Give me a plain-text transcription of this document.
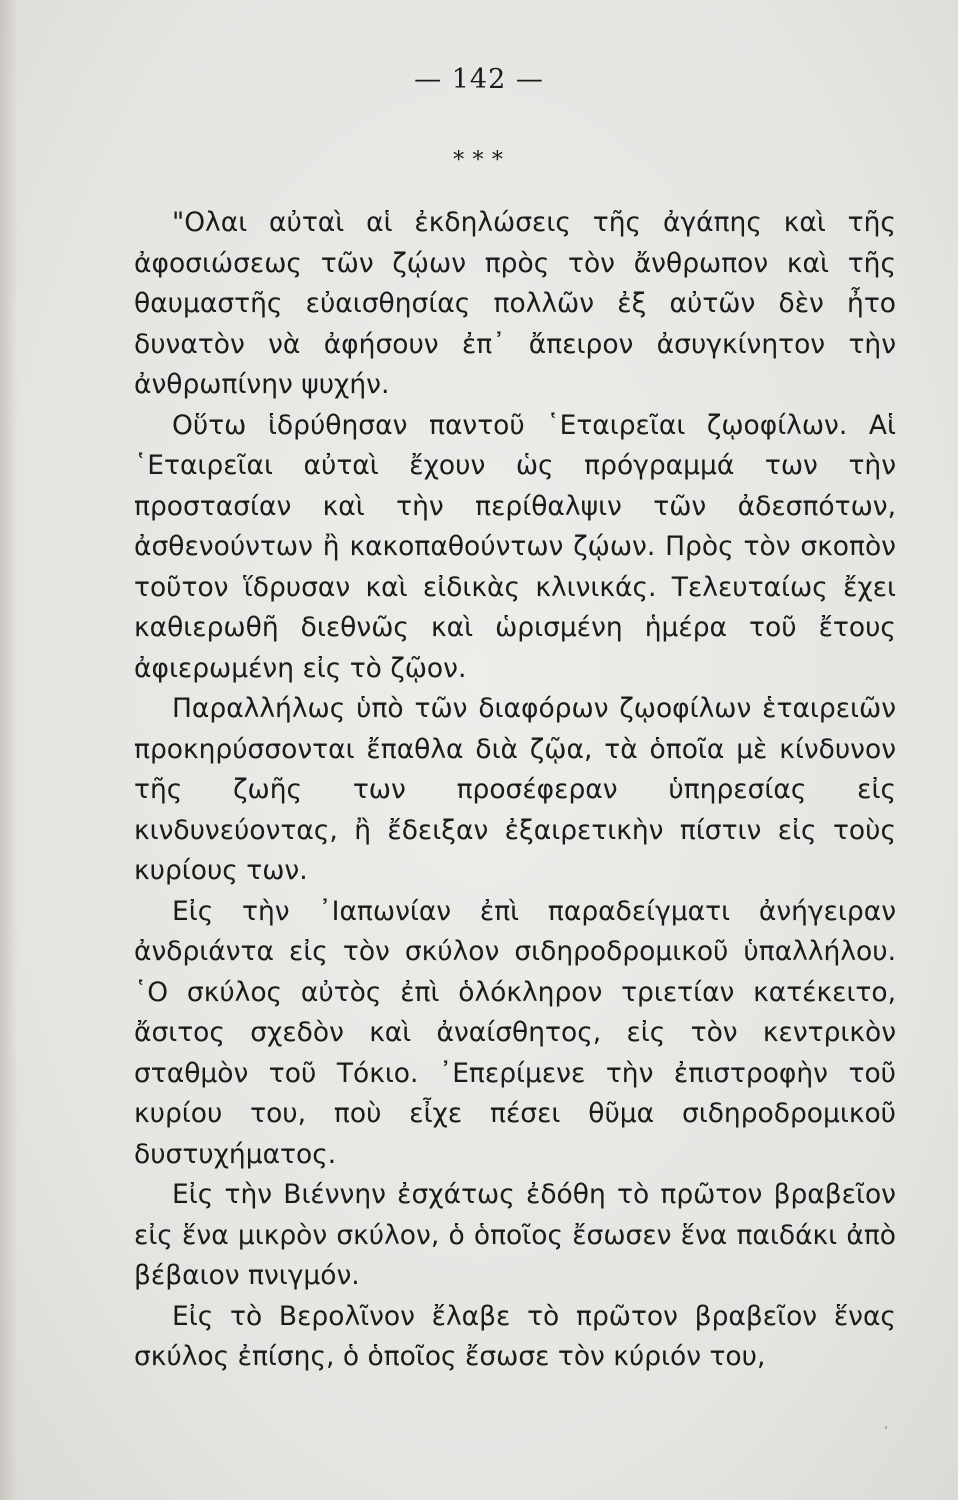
— 142 —
* * *

"Ολαι αὐταὶ αἱ ἐκδηλώσεις τῆς ἀγάπης καὶ τῆς ἀφοσιώσεως τῶν ζῴων πρὸς τὸν ἄνθρωπον καὶ τῆς θαυμαστῆς εὐαισθησίας πολλῶν ἐξ αὐτῶν δὲν ἦτο δυνατὸν νὰ ἀφήσουν ἐπ᾽ ἄπειρον ἀσυγκίνητον τὴν ἀνθρωπίνην ψυχήν.

Οὕτω ἱδρύθησαν παντοῦ ῾Εταιρεῖαι ζῳοφίλων. Αἱ ῾Εταιρεῖαι αὐταὶ ἔχουν ὡς πρόγραμμά των τὴν προστασίαν καὶ τὴν περίθαλψιν τῶν ἀδεσπότων, ἀσθενούντων ἢ κακοπαθούντων ζῴων. Πρὸς τὸν σκοπὸν τοῦτον ἵδρυσαν καὶ εἰδικὰς κλινικάς. Τελευταίως ἔχει καθιερωθῆ διεθνῶς καὶ ὡρισμένη ἡμέρα τοῦ ἔτους ἀφιερωμένη εἰς τὸ ζῷον.

Παραλλήλως ὑπὸ τῶν διαφόρων ζῳοφίλων ἑταιρειῶν προκηρύσσονται ἔπαθλα διὰ ζῷα, τὰ ὁποῖα μὲ κίνδυνον τῆς ζωῆς των προσέφεραν ὑπηρεσίας εἰς κινδυνεύοντας, ἢ ἔδειξαν ἐξαιρετικὴν πίστιν εἰς τοὺς κυρίους των.

Εἰς τὴν ᾽Ιαπωνίαν ἐπὶ παραδείγματι ἀνήγειραν ἀνδριάντα εἰς τὸν σκύλον σιδηροδρομικοῦ ὑπαλλήλου. ῾Ο σκύλος αὐτὸς ἐπὶ ὁλόκληρον τριετίαν κατέκειτο, ἄσιτος σχεδὸν καὶ ἀναίσθητος, εἰς τὸν κεντρικὸν σταθμὸν τοῦ Τόκιο. ᾽Επερίμενε τὴν ἐπιστροφὴν τοῦ κυρίου του, ποὺ εἶχε πέσει θῦμα σιδηροδρομικοῦ δυστυχήματος.

Εἰς τὴν Βιέννην ἐσχάτως ἐδόθη τὸ πρῶτον βραβεῖον εἰς ἕνα μικρὸν σκύλον, ὁ ὁποῖος ἔσωσεν ἕνα παιδάκι ἀπὸ βέβαιον πνιγμόν.

Εἰς τὸ Βερολῖνον ἔλαβε τὸ πρῶτον βραβεῖον ἕνας σκύλος ἐπίσης, ὁ ὁποῖος ἔσωσε τὸν κύριόν του,

ʼ
